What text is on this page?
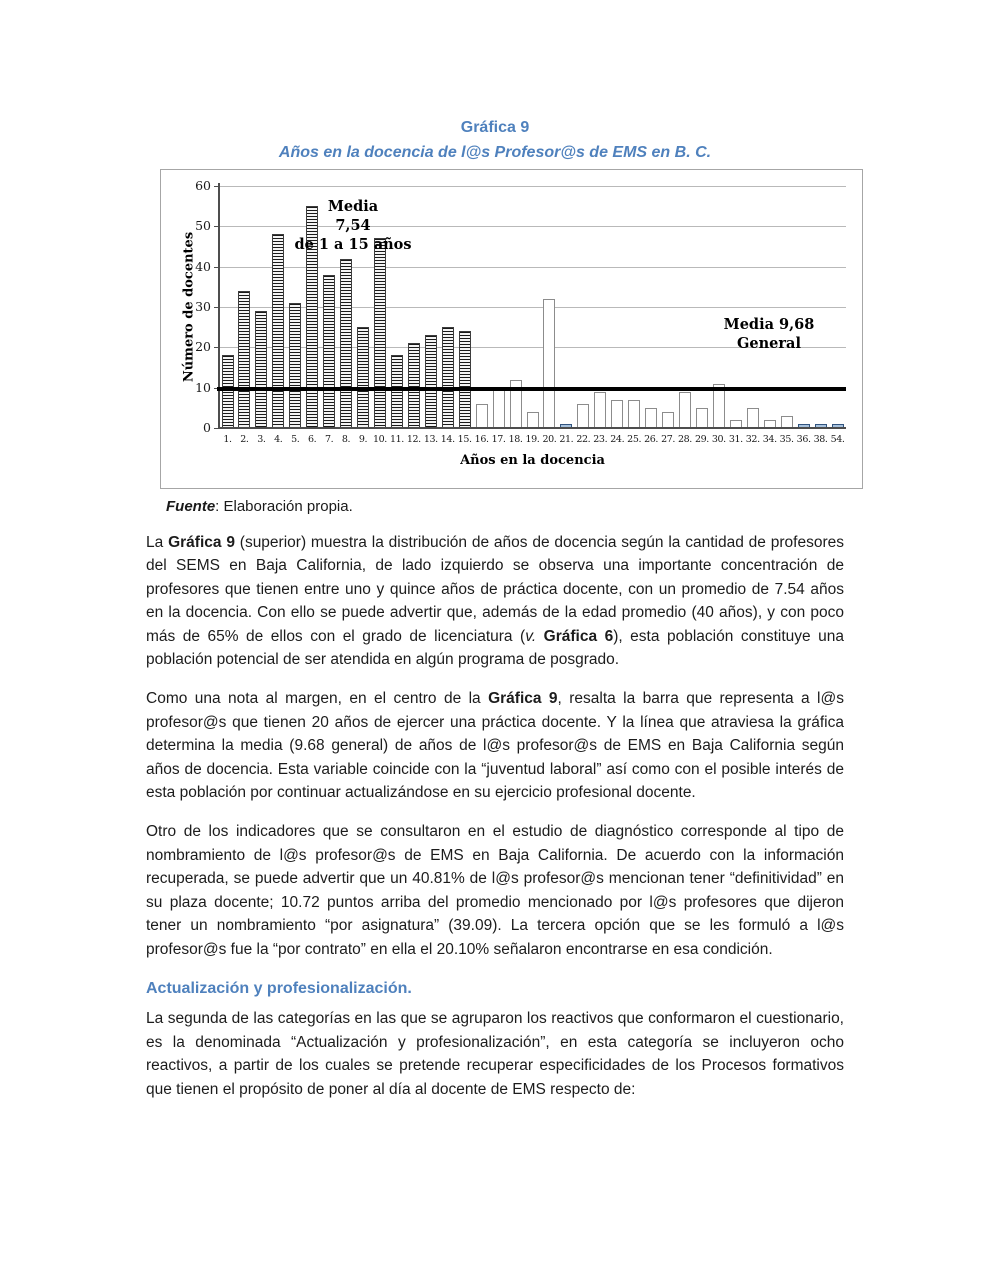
Gráfica 9
Años en la docencia de l@s Profesor@s de EMS en B. C.
0
10
20
30
40
50
60
1. 2. 3. 4. 5. 6. 7. 8. 9. 10. 11. 12. 13. 14. 15. 16. 17. 18. 19. 20. 21. 22. 23. 24. 25. 26. 27. 28. 29. 30. 31. 32. 34. 35. 36. 38. 54.
Media
7,54
de 1 a 15 años
Media 9,68
General
Número de docentes
Años en la docencia
Fuente: Elaboración propia.

La Gráfica 9 (superior) muestra la distribución de años de docencia según la cantidad de profesores del SEMS en Baja California, de lado izquierdo se observa una importante concentración de profesores que tienen entre uno y quince años de práctica docente, con un promedio de 7.54 años en la docencia. Con ello se puede advertir que, además de la edad promedio (40 años), y con poco más de 65% de ellos con el grado de licenciatura (v. Gráfica 6), esta población constituye una población potencial de ser atendida en algún programa de posgrado.

Como una nota al margen, en el centro de la Gráfica 9, resalta la barra que representa a l@s profesor@s que tienen 20 años de ejercer una práctica docente. Y la línea que atraviesa la gráfica determina la media (9.68 general) de años de l@s profesor@s de EMS en Baja California según años de docencia. Esta variable coincide con la “juventud laboral” así como con el posible interés de esta población por continuar actualizándose en su ejercicio profesional docente.

Otro de los indicadores que se consultaron en el estudio de diagnóstico corresponde al tipo de nombramiento de l@s profesor@s de EMS en Baja California. De acuerdo con la información recuperada, se puede advertir que un 40.81% de l@s profesor@s mencionan tener “definitividad” en su plaza docente; 10.72 puntos arriba del promedio mencionado por l@s profesores que dijeron tener un nombramiento “por asignatura” (39.09). La tercera opción que se les formuló a l@s profesor@s fue la “por contrato” en ella el 20.10% señalaron encontrarse en esa condición.

Actualización y profesionalización.

La segunda de las categorías en las que se agruparon los reactivos que conformaron el cuestionario, es la denominada “Actualización y profesionalización”, en esta categoría se incluyeron ocho reactivos, a partir de los cuales se pretende recuperar especificidades de los Procesos formativos que tienen el propósito de poner al día al docente de EMS respecto de:
